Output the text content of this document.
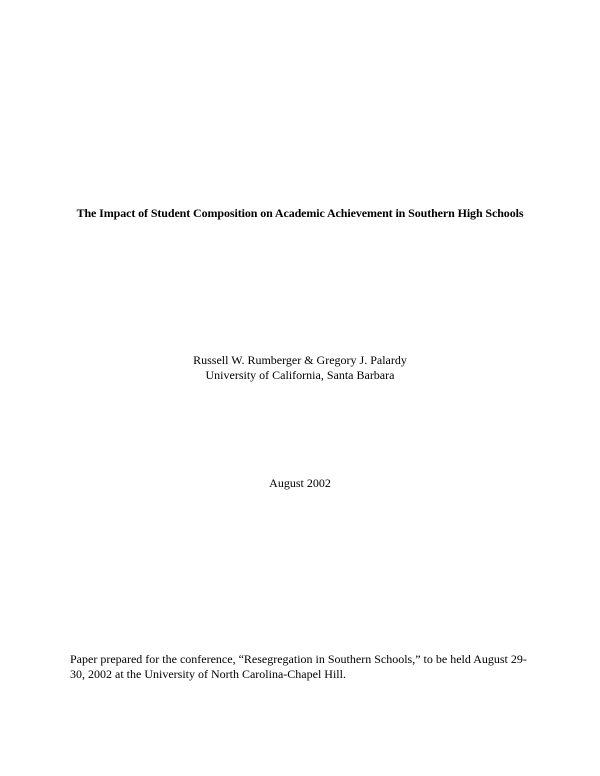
The Impact of Student Composition on Academic Achievement in Southern High Schools
Russell W. Rumberger & Gregory J. Palardy
University of California, Santa Barbara
August 2002
Paper prepared for the conference, “Resegregation in Southern Schools,” to be held August 29-
30, 2002 at the University of North Carolina-Chapel Hill.
